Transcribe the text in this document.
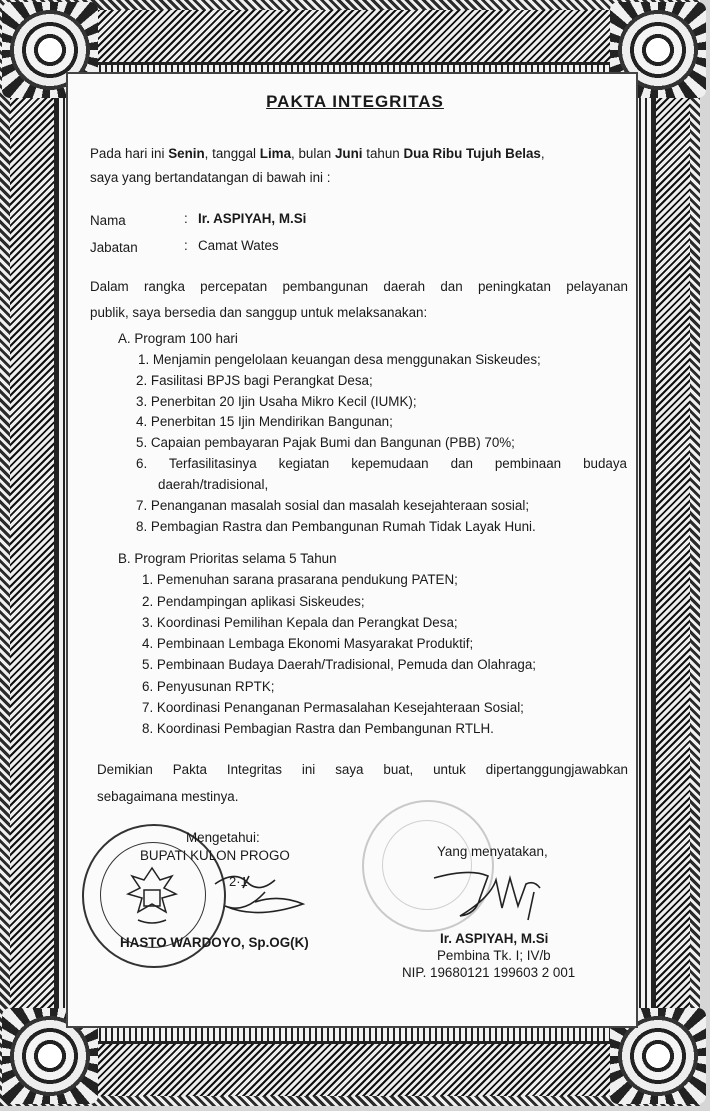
PAKTA INTEGRITAS
Pada hari ini Senin, tanggal Lima, bulan Juni tahun Dua Ribu Tujuh Belas,
saya yang bertandatangan di bawah ini :
Nama	: Ir. ASPIYAH, M.Si
Jabatan	: Camat Wates
Dalam rangka percepatan pembangunan daerah dan peningkatan pelayanan
publik, saya bersedia dan sanggup untuk melaksanakan:
A. Program 100 hari
1. Menjamin pengelolaan keuangan desa menggunakan Siskeudes;
2. Fasilitasi BPJS bagi Perangkat Desa;
3. Penerbitan 20 Ijin Usaha Mikro Kecil (IUMK);
4. Penerbitan 15 Ijin Mendirikan Bangunan;
5. Capaian pembayaran Pajak Bumi dan Bangunan (PBB) 70%;
6. Terfasilitasinya kegiatan kepemudaan dan pembinaan budaya
daerah/tradisional,
7. Penanganan masalah sosial dan masalah kesejahteraan sosial;
8. Pembagian Rastra dan Pembangunan Rumah Tidak Layak Huni.
B. Program Prioritas selama 5 Tahun
1. Pemenuhan sarana prasarana pendukung PATEN;
2. Pendampingan aplikasi Siskeudes;
3. Koordinasi Pemilihan Kepala dan Perangkat Desa;
4. Pembinaan Lembaga Ekonomi Masyarakat Produktif;
5. Pembinaan Budaya Daerah/Tradisional, Pemuda dan Olahraga;
6. Penyusunan RPTK;
7. Koordinasi Penanganan Permasalahan Kesejahteraan Sosial;
8. Koordinasi Pembagian Rastra dan Pembangunan RTLH.
Demikian Pakta Integritas ini saya buat, untuk dipertanggungjawabkan
sebagaimana mestinya.
Mengetahui:
BUPATI KULON PROGO
2·1
HASTO WARDOYO, Sp.OG(K)
Yang menyatakan,
Ir. ASPIYAH, M.Si
Pembina Tk. I; IV/b
NIP. 19680121 199603 2 001
